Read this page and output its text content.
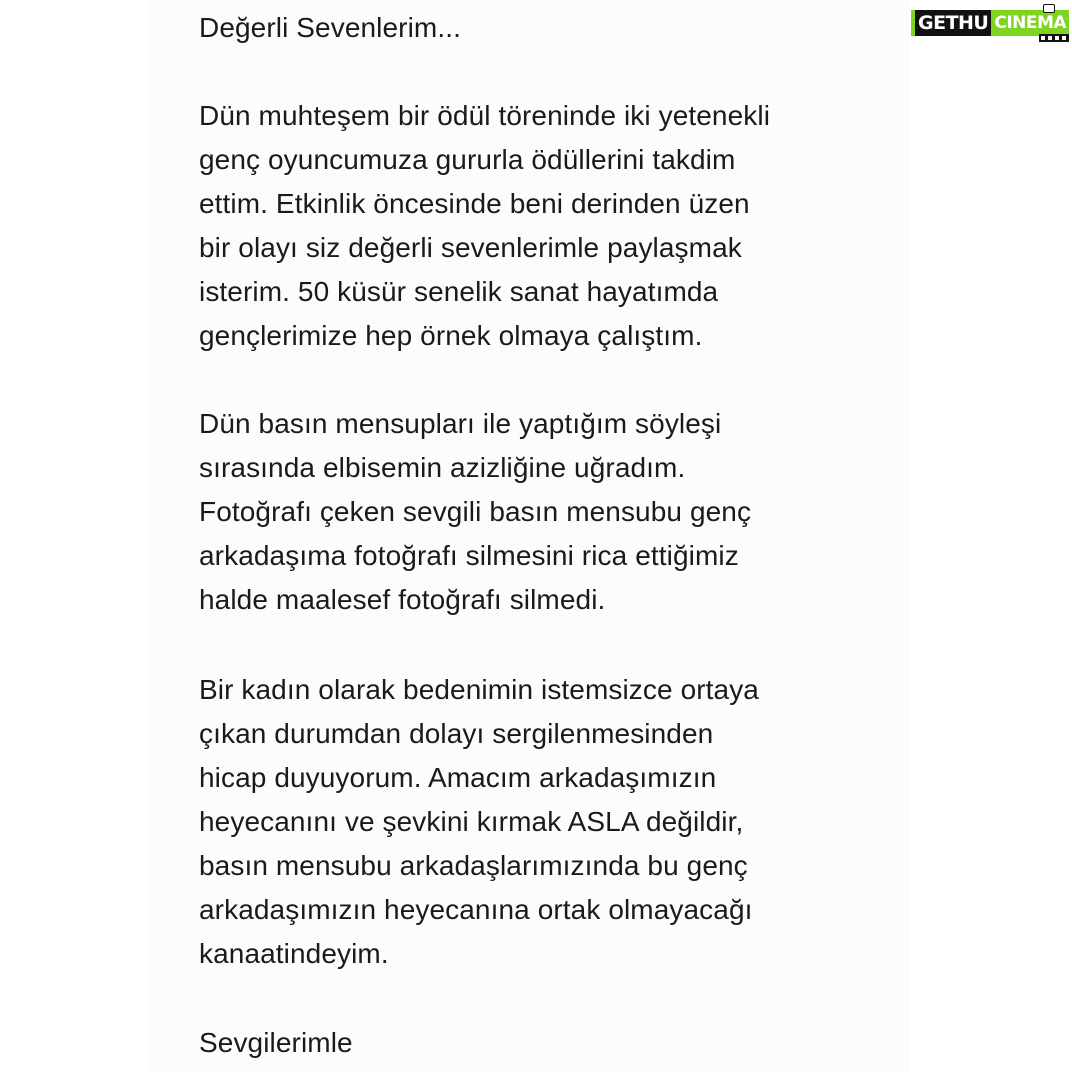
Değerli Sevenlerim...
Dün muhteşem bir ödül töreninde iki yetenekli
genç oyuncumuza gururla ödüllerini takdim
ettim. Etkinlik öncesinde beni derinden üzen
bir olayı siz değerli sevenlerimle paylaşmak
isterim. 50 küsür senelik sanat hayatımda
gençlerimize hep örnek olmaya çalıştım.
Dün basın mensupları ile yaptığım söyleşi
sırasında elbisemin azizliğine uğradım.
Fotoğrafı çeken sevgili basın mensubu genç
arkadaşıma fotoğrafı silmesini rica ettiğimiz
halde maalesef fotoğrafı silmedi.
Bir kadın olarak bedenimin istemsizce ortaya
çıkan durumdan dolayı sergilenmesinden
hicap duyuyorum. Amacım arkadaşımızın
heyecanını ve şevkini kırmak ASLA değildir,
basın mensubu arkadaşlarımızında bu genç
arkadaşımızın heyecanına ortak olmayacağı
kanaatindeyim.
Sevgilerimle
GETHU CINEMA
